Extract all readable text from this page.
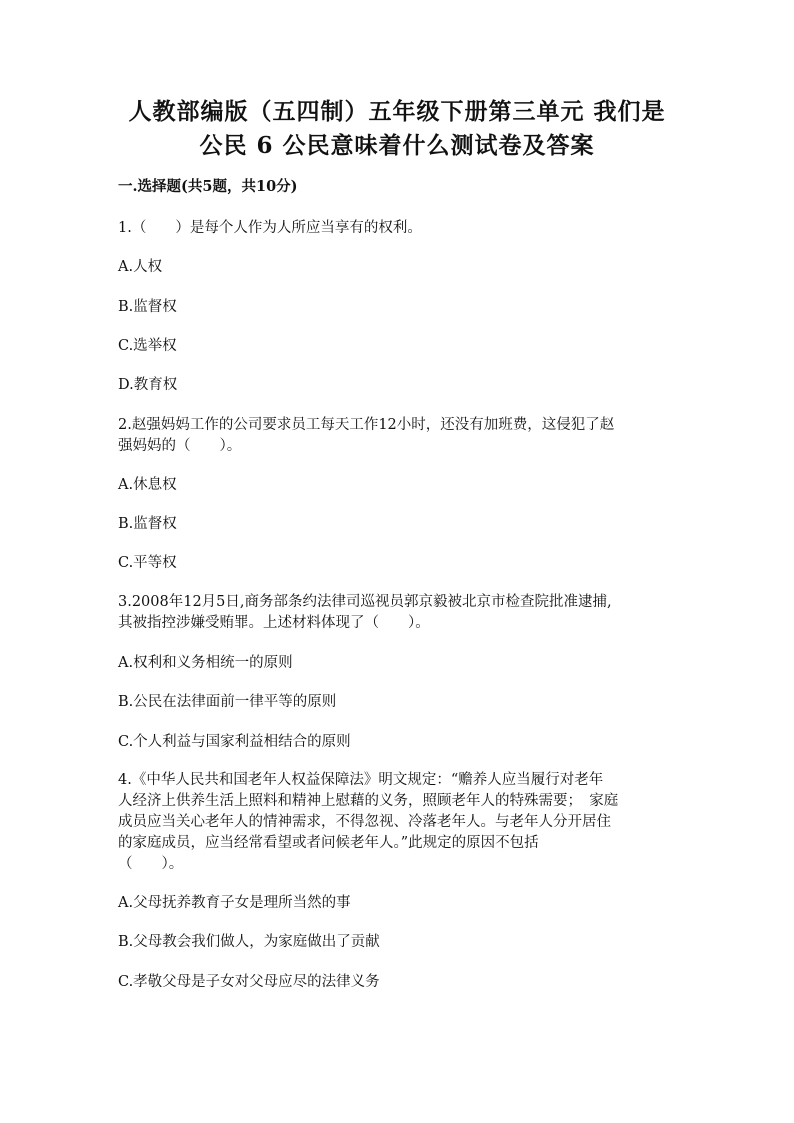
人教部编版（五四制）五年级下册第三单元 我们是
公民 6 公民意味着什么测试卷及答案
一.选择题(共5题，共10分)
1.（　　）是每个人作为人所应当享有的权利。
A.人权
B.监督权
C.选举权
D.教育权
2.赵强妈妈工作的公司要求员工每天工作12小时，还没有加班费，这侵犯了赵
强妈妈的（　　）。
A.休息权
B.监督权
C.平等权
3.2008年12月5日,商务部条约法律司巡视员郭京毅被北京市检查院批准逮捕,
其被指控涉嫌受贿罪。上述材料体现了（　　）。
A.权利和义务相统一的原则
B.公民在法律面前一律平等的原则
C.个人利益与国家利益相结合的原则
4.《中华人民共和国老年人权益保障法》明文规定：“赡养人应当履行对老年
人经济上供养生活上照料和精神上慰藉的义务，照顾老年人的特殊需要；　家庭
成员应当关心老年人的情神需求，不得忽视、冷落老年人。与老年人分开居住
的家庭成员，应当经常看望或者问候老年人。”此规定的原因不包括
（　　）。
A.父母抚养教育子女是理所当然的事
B.父母教会我们做人，为家庭做出了贡献
C.孝敬父母是子女对父母应尽的法律义务
